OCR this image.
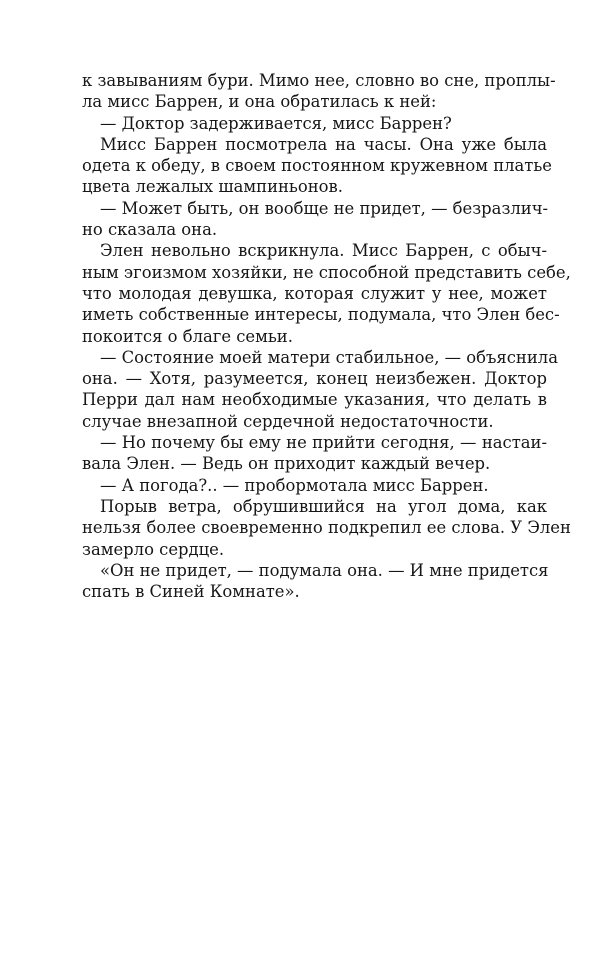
к завываниям бури. Мимо нее, словно во сне, проплы-
ла мисс Баррен, и она обратилась к ней:
— Доктор задерживается, мисс Баррен?
Мисс Баррен посмотрела на часы. Она уже была
одета к обеду, в своем постоянном кружевном платье
цвета лежалых шампиньонов.
— Может быть, он вообще не придет, — безразлич-
но сказала она.
Элен невольно вскрикнула. Мисс Баррен, с обыч-
ным эгоизмом хозяйки, не способной представить себе,
что молодая девушка, которая служит у нее, может
иметь собственные интересы, подумала, что Элен бес-
покоится о благе семьи.
— Состояние моей матери стабильное, — объяснила
она. — Хотя, разумеется, конец неизбежен. Доктор
Перри дал нам необходимые указания, что делать в
случае внезапной сердечной недостаточности.
— Но почему бы ему не прийти сегодня, — настаи-
вала Элен. — Ведь он приходит каждый вечер.
— А погода?.. — пробормотала мисс Баррен.
Порыв ветра, обрушившийся на угол дома, как
нельзя более своевременно подкрепил ее слова. У Элен
замерло сердце.
«Он не придет, — подумала она. — И мне придется
спать в Синей Комнате».
